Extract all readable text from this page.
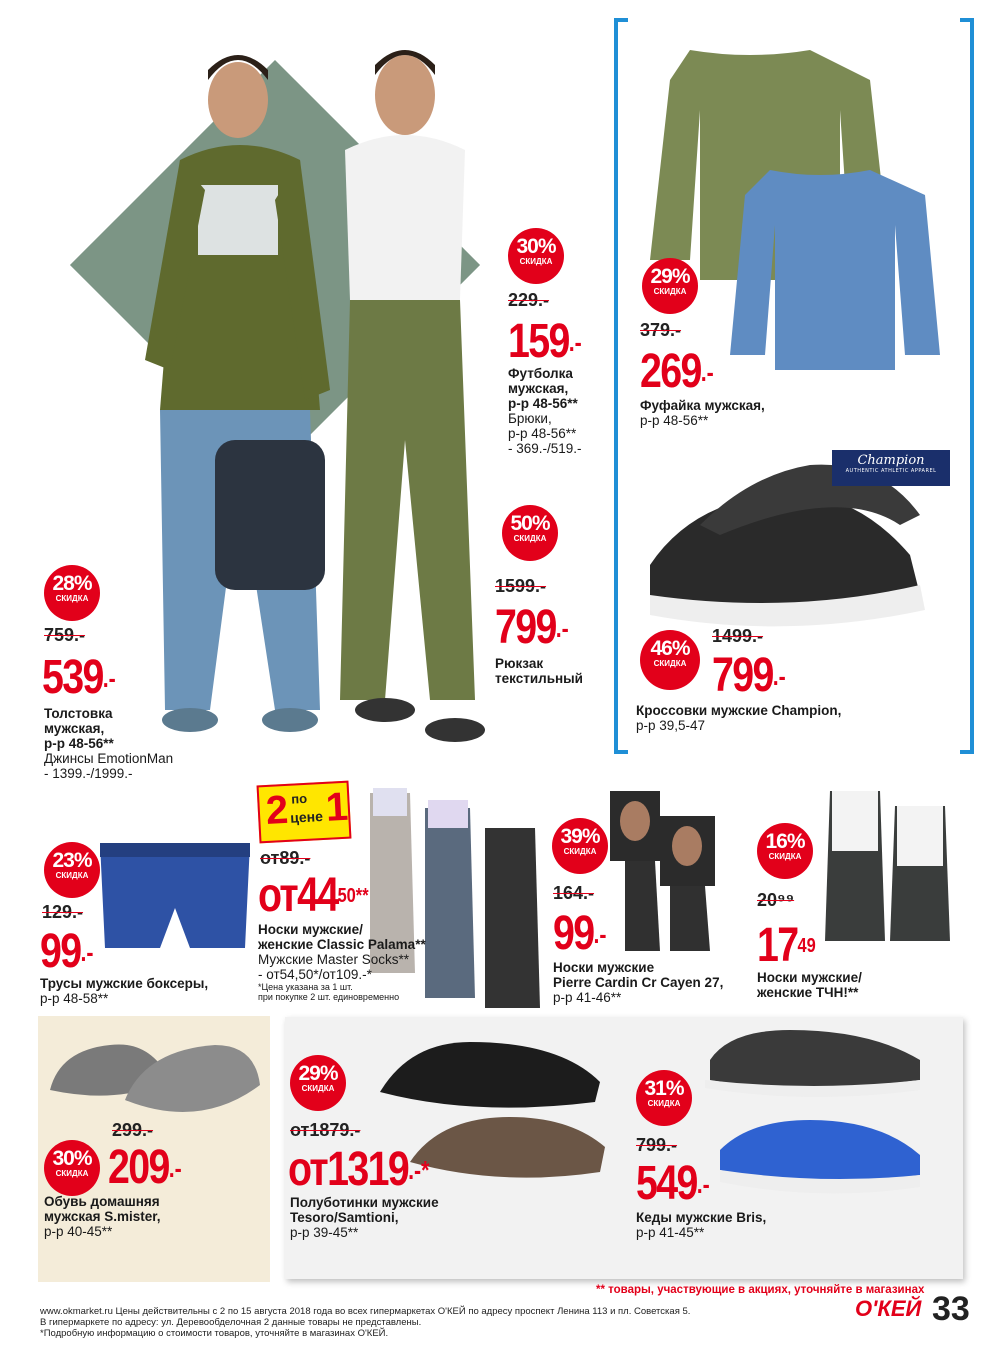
28%
СКИДКА
759.-
539.-
Толстовка
мужская,
р-р 48-56**
Джинсы EmotionMan
- 1399.-/1999.-
30%
СКИДКА
229.-
159.-
Футболка
мужская,
р-р 48-56**
Брюки,
р-р 48-56**
- 369.-/519.-
50%
СКИДКА
1599.-
799.-
Рюкзак
текстильный
29%
СКИДКА
379.-
269.-
Фуфайка мужская,
р-р 48-56**
Champion
AUTHENTIC ATHLETIC APPAREL
46%
СКИДКА
1499.-
799.-
Кроссовки мужские Champion,
р-р 39,5-47
23%
СКИДКА
129.-
99.-
Трусы мужские боксеры,
р-р 48-58**
2 по
цене 1
от89.-
$от44^{50**}$
Носки мужские/
женские Classic Palama**
Мужские Master Socks**
- от54,50*/от109.-*
*Цена указана за 1 шт.
при покупке 2 шт. единовременно
39%
СКИДКА
164.-
99.-
Носки мужские
Pierre Cardin Cr Cayen 27,
р-р 41-46**
16%
СКИДКА
20⁹⁹
$17^{49}$
Носки мужские/
женские ТЧН!**
299.-
30%
СКИДКА 209.-
Обувь домашняя
мужская S.mister,
р-р 40-45**
29%
СКИДКА
от1879.-
от1319.-*
Полуботинки мужские
Tesoro/Samtioni,
р-р 39-45**
31%
СКИДКА
799.-
549.-
Кеды мужские Bris,
р-р 41-45**
** товары, участвующие в акциях, уточняйте в магазинах
www.okmarket.ru Цены действительны с 2 по 15 августа 2018 года во всех гипермаркетах О'КЕЙ по адресу проспект Ленина 113 и пл. Советская 5.
В гипермаркете по адресу: ул. Деревообделочная 2 данные товары не представлены.
*Подробную информацию о стоимости товаров, уточняйте в магазинах О'КЕЙ.
О'КЕЙ 33
